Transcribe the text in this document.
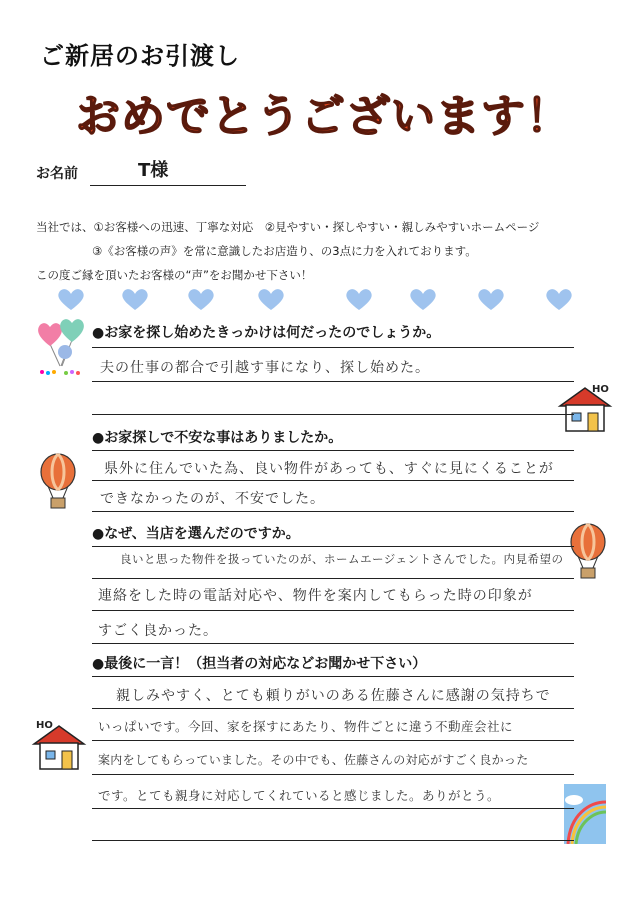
ご新居のお引渡し
おめでとうございます！
お名前	T様
当社では、①お客様への迅速、丁寧な対応　②見やすい・探しやすい・親しみやすいホームページ
③《お客様の声》を常に意識したお店造り、の3点に力を入れております。
この度ご縁を頂いたお客様の“声”をお聞かせ下さい！
HO
HO
●お家を探し始めたきっかけは何だったのでしょうか。
夫の仕事の都合で引越す事になり、探し始めた。
●お家探しで不安な事はありましたか。
県外に住んでいた為、良い物件があっても、すぐに見にくることが
できなかったのが、不安でした。
●なぜ、当店を選んだのですか。
良いと思った物件を扱っていたのが、ホームエージェントさんでした。内見希望の
連絡をした時の電話対応や、物件を案内してもらった時の印象が
すごく良かった。
●最後に一言！（担当者の対応などお聞かせ下さい）
親しみやすく、とても頼りがいのある佐藤さんに感謝の気持ちで
いっぱいです。今回、家を探すにあたり、物件ごとに違う不動産会社に
案内をしてもらっていました。その中でも、佐藤さんの対応がすごく良かった
です。とても親身に対応してくれていると感じました。ありがとう。
